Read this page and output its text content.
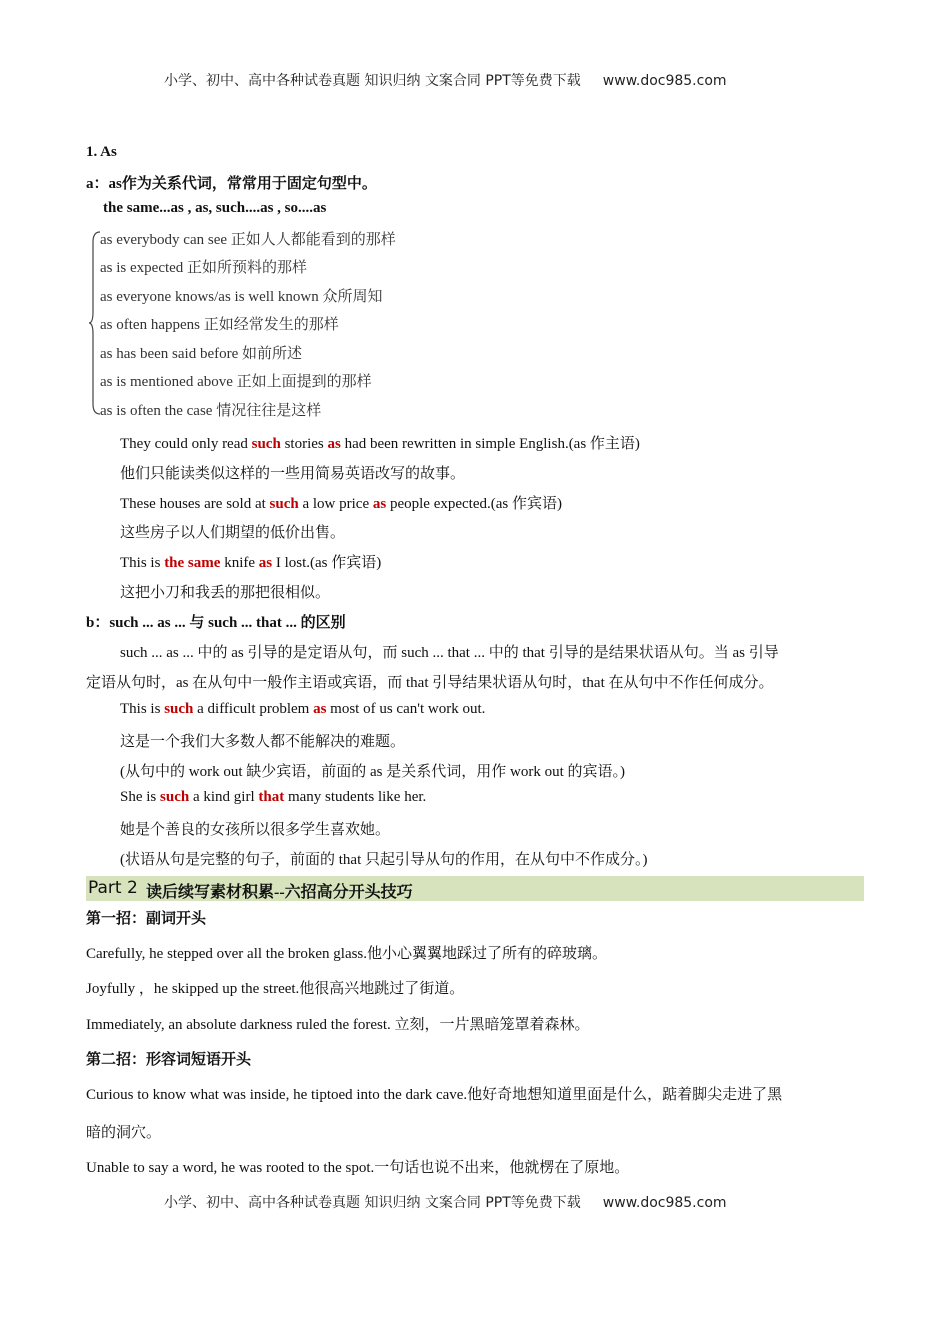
小学、初中、高中各种试卷真题 知识归纳 文案合同 PPT等免费下载 www.doc985.com
1. As
a：as作为关系代词，常常用于固定句型中。
the same...as , as, such....as , so....as
as everybody can see 正如人人都能看到的那样
as is expected 正如所预料的那样
as everyone knows/as is well known 众所周知
as often happens 正如经常发生的那样
as has been said before 如前所述
as is mentioned above 正如上面提到的那样
as is often the case 情况往往是这样
They could only read such stories as had been rewritten in simple English.(as 作主语)
他们只能读类似这样的一些用简易英语改写的故事。
These houses are sold at such a low price as people expected.(as 作宾语)
这些房子以人们期望的低价出售。
This is the same knife as I lost.(as 作宾语)
这把小刀和我丢的那把很相似。
b：such ... as ... 与 such ... that ... 的区别
such ... as ... 中的 as 引导的是定语从句，而 such ... that ... 中的 that 引导的是结果状语从句。当 as 引导
定语从句时，as 在从句中一般作主语或宾语，而 that 引导结果状语从句时，that 在从句中不作任何成分。
This is such a difficult problem as most of us can't work out.
这是一个我们大多数人都不能解决的难题。
(从句中的 work out 缺少宾语，前面的 as 是关系代词，用作 work out 的宾语。)
She is such a kind girl that many students like her.
她是个善良的女孩所以很多学生喜欢她。
(状语从句是完整的句子，前面的 that 只起引导从句的作用，在从句中不作成分。)
Part 2 读后续写素材积累--六招高分开头技巧
第一招：副词开头
Carefully, he stepped over all the broken glass.他小心翼翼地踩过了所有的碎玻璃。
Joyfully ，he skipped up the street.他很高兴地跳过了街道。
Immediately, an absolute darkness ruled the forest. 立刻，一片黑暗笼罩着森林。
第二招：形容词短语开头
Curious to know what was inside, he tiptoed into the dark cave.他好奇地想知道里面是什么，踮着脚尖走进了黑
暗的洞穴。
Unable to say a word, he was rooted to the spot.一句话也说不出来，他就楞在了原地。
小学、初中、高中各种试卷真题 知识归纳 文案合同 PPT等免费下载 www.doc985.com
